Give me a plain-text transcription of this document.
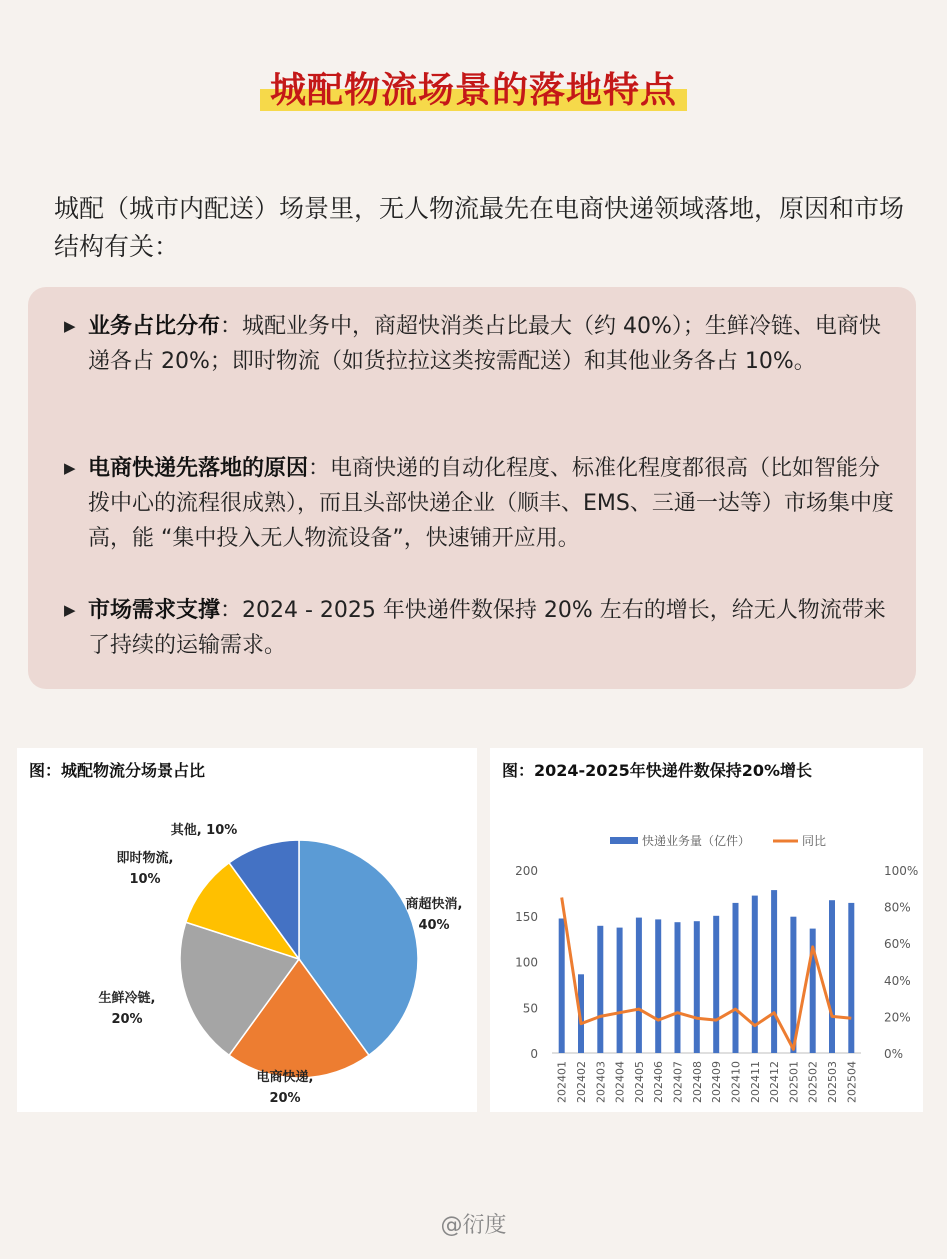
城配物流场景的落地特点
城配（城市内配送）场景里，无人物流最先在电商快递领域落地，原因和市场结构有关：
▶ 业务占比分布：城配业务中，商超快消类占比最大（约 40%）；生鲜冷链、电商快递各占 20%；即时物流（如货拉拉这类按需配送）和其他业务各占 10%。
▶ 电商快递先落地的原因：电商快递的自动化程度、标准化程度都很高（比如智能分拨中心的流程很成熟），而且头部快递企业（顺丰、EMS、三通一达等）市场集中度高，能 “集中投入无人物流设备”，快速铺开应用。
▶ 市场需求支撑：2024 - 2025 年快递件数保持 20% 左右的增长，给无人物流带来了持续的运输需求。
图：城配物流分场景占比
商超快消,
40%
电商快递,
20%
生鲜冷链,
20%
即时物流,
10%
其他, 10%
图：2024-2025年快递件数保持20%增长
快递业务量（亿件）	同比
0
50
100
150
200
0%
20%
40%
60%
80%
100%
202401 202402 202403 202404 202405 202406 202407 202408 202409 202410 202411 202412 202501 202502 202503 202504
@衍度
